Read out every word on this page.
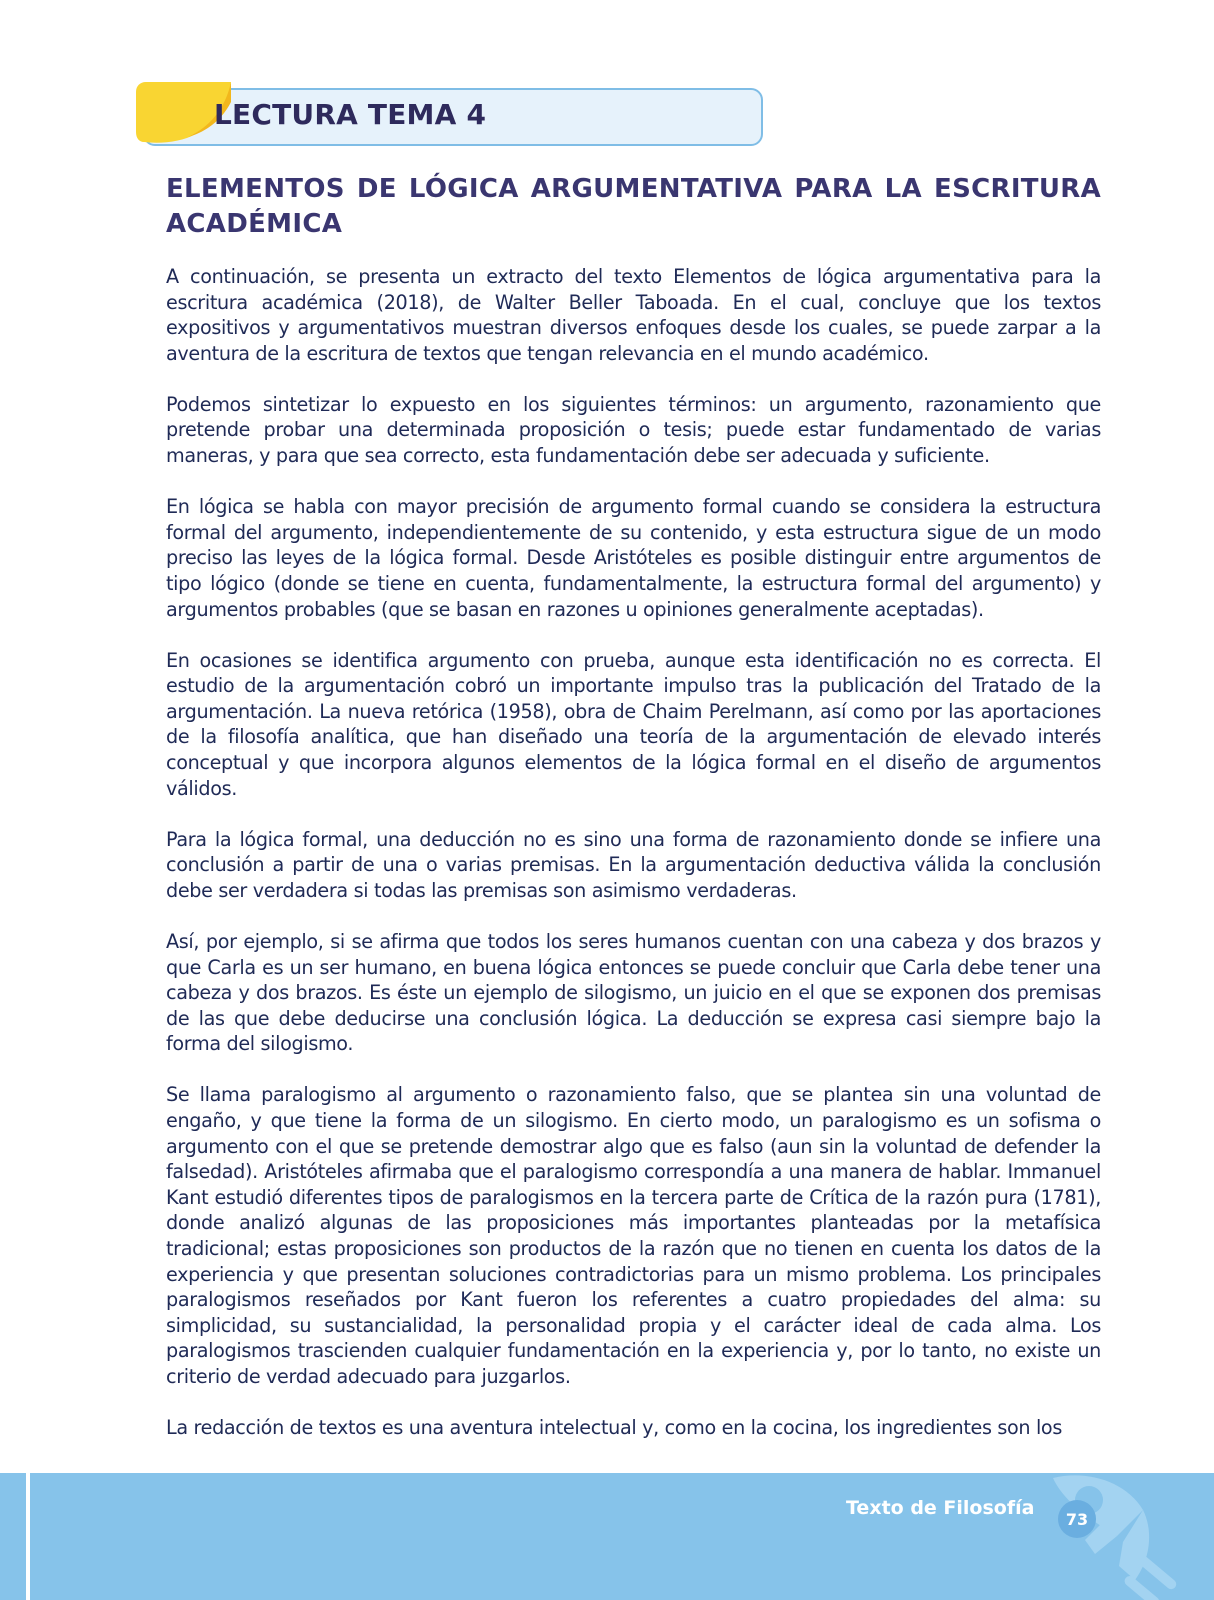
LECTURA TEMA 4
ELEMENTOS DE LÓGICA ARGUMENTATIVA PARA LA ESCRITURA ACADÉMICA

A continuación, se presenta un extracto del texto Elementos de lógica argumentativa para la escritura académica (2018), de Walter Beller Taboada. En el cual, concluye que los textos expositivos y argumentativos muestran diversos enfoques desde los cuales, se puede zarpar a la aventura de la escritura de textos que tengan relevancia en el mundo académico.

Podemos sintetizar lo expuesto en los siguientes términos: un argumento, razonamiento que pretende probar una determinada proposición o tesis; puede estar fundamentado de varias maneras, y para que sea correcto, esta fundamentación debe ser adecuada y suficiente.

En lógica se habla con mayor precisión de argumento formal cuando se considera la estructura formal del argumento, independientemente de su contenido, y esta estructura sigue de un modo preciso las leyes de la lógica formal. Desde Aristóteles es posible distinguir entre argumentos de tipo lógico (donde se tiene en cuenta, fundamentalmente, la estructura formal del argumento) y argumentos probables (que se basan en razones u opiniones generalmente aceptadas).

En ocasiones se identifica argumento con prueba, aunque esta identificación no es correcta. El estudio de la argumentación cobró un importante impulso tras la publicación del Tratado de la argumentación. La nueva retórica (1958), obra de Chaim Perelmann, así como por las aportaciones de la filosofía analítica, que han diseñado una teoría de la argumentación de elevado interés conceptual y que incorpora algunos elementos de la lógica formal en el diseño de argumentos válidos.

Para la lógica formal, una deducción no es sino una forma de razonamiento donde se infiere una conclusión a partir de una o varias premisas. En la argumentación deductiva válida la conclusión debe ser verdadera si todas las premisas son asimismo verdaderas.

Así, por ejemplo, si se afirma que todos los seres humanos cuentan con una cabeza y dos brazos y que Carla es un ser humano, en buena lógica entonces se puede concluir que Carla debe tener una cabeza y dos brazos. Es éste un ejemplo de silogismo, un juicio en el que se exponen dos premisas de las que debe deducirse una conclusión lógica. La deducción se expresa casi siempre bajo la forma del silogismo.

Se llama paralogismo al argumento o razonamiento falso, que se plantea sin una voluntad de engaño, y que tiene la forma de un silogismo. En cierto modo, un paralogismo es un sofisma o argumento con el que se pretende demostrar algo que es falso (aun sin la voluntad de defender la falsedad). Aristóteles afirmaba que el paralogismo correspondía a una manera de hablar. Immanuel Kant estudió diferentes tipos de paralogismos en la tercera parte de Crítica de la razón pura (1781), donde analizó algunas de las proposiciones más importantes planteadas por la metafísica tradicional; estas proposiciones son productos de la razón que no tienen en cuenta los datos de la experiencia y que presentan soluciones contradictorias para un mismo problema. Los principales paralogismos reseñados por Kant fueron los referentes a cuatro propiedades del alma: su simplicidad, su sustancialidad, la personalidad propia y el carácter ideal de cada alma. Los paralogismos trascienden cualquier fundamentación en la experiencia y, por lo tanto, no existe un criterio de verdad adecuado para juzgarlos.

La redacción de textos es una aventura intelectual y, como en la cocina, los ingredientes son los

Texto de Filosofía	73
